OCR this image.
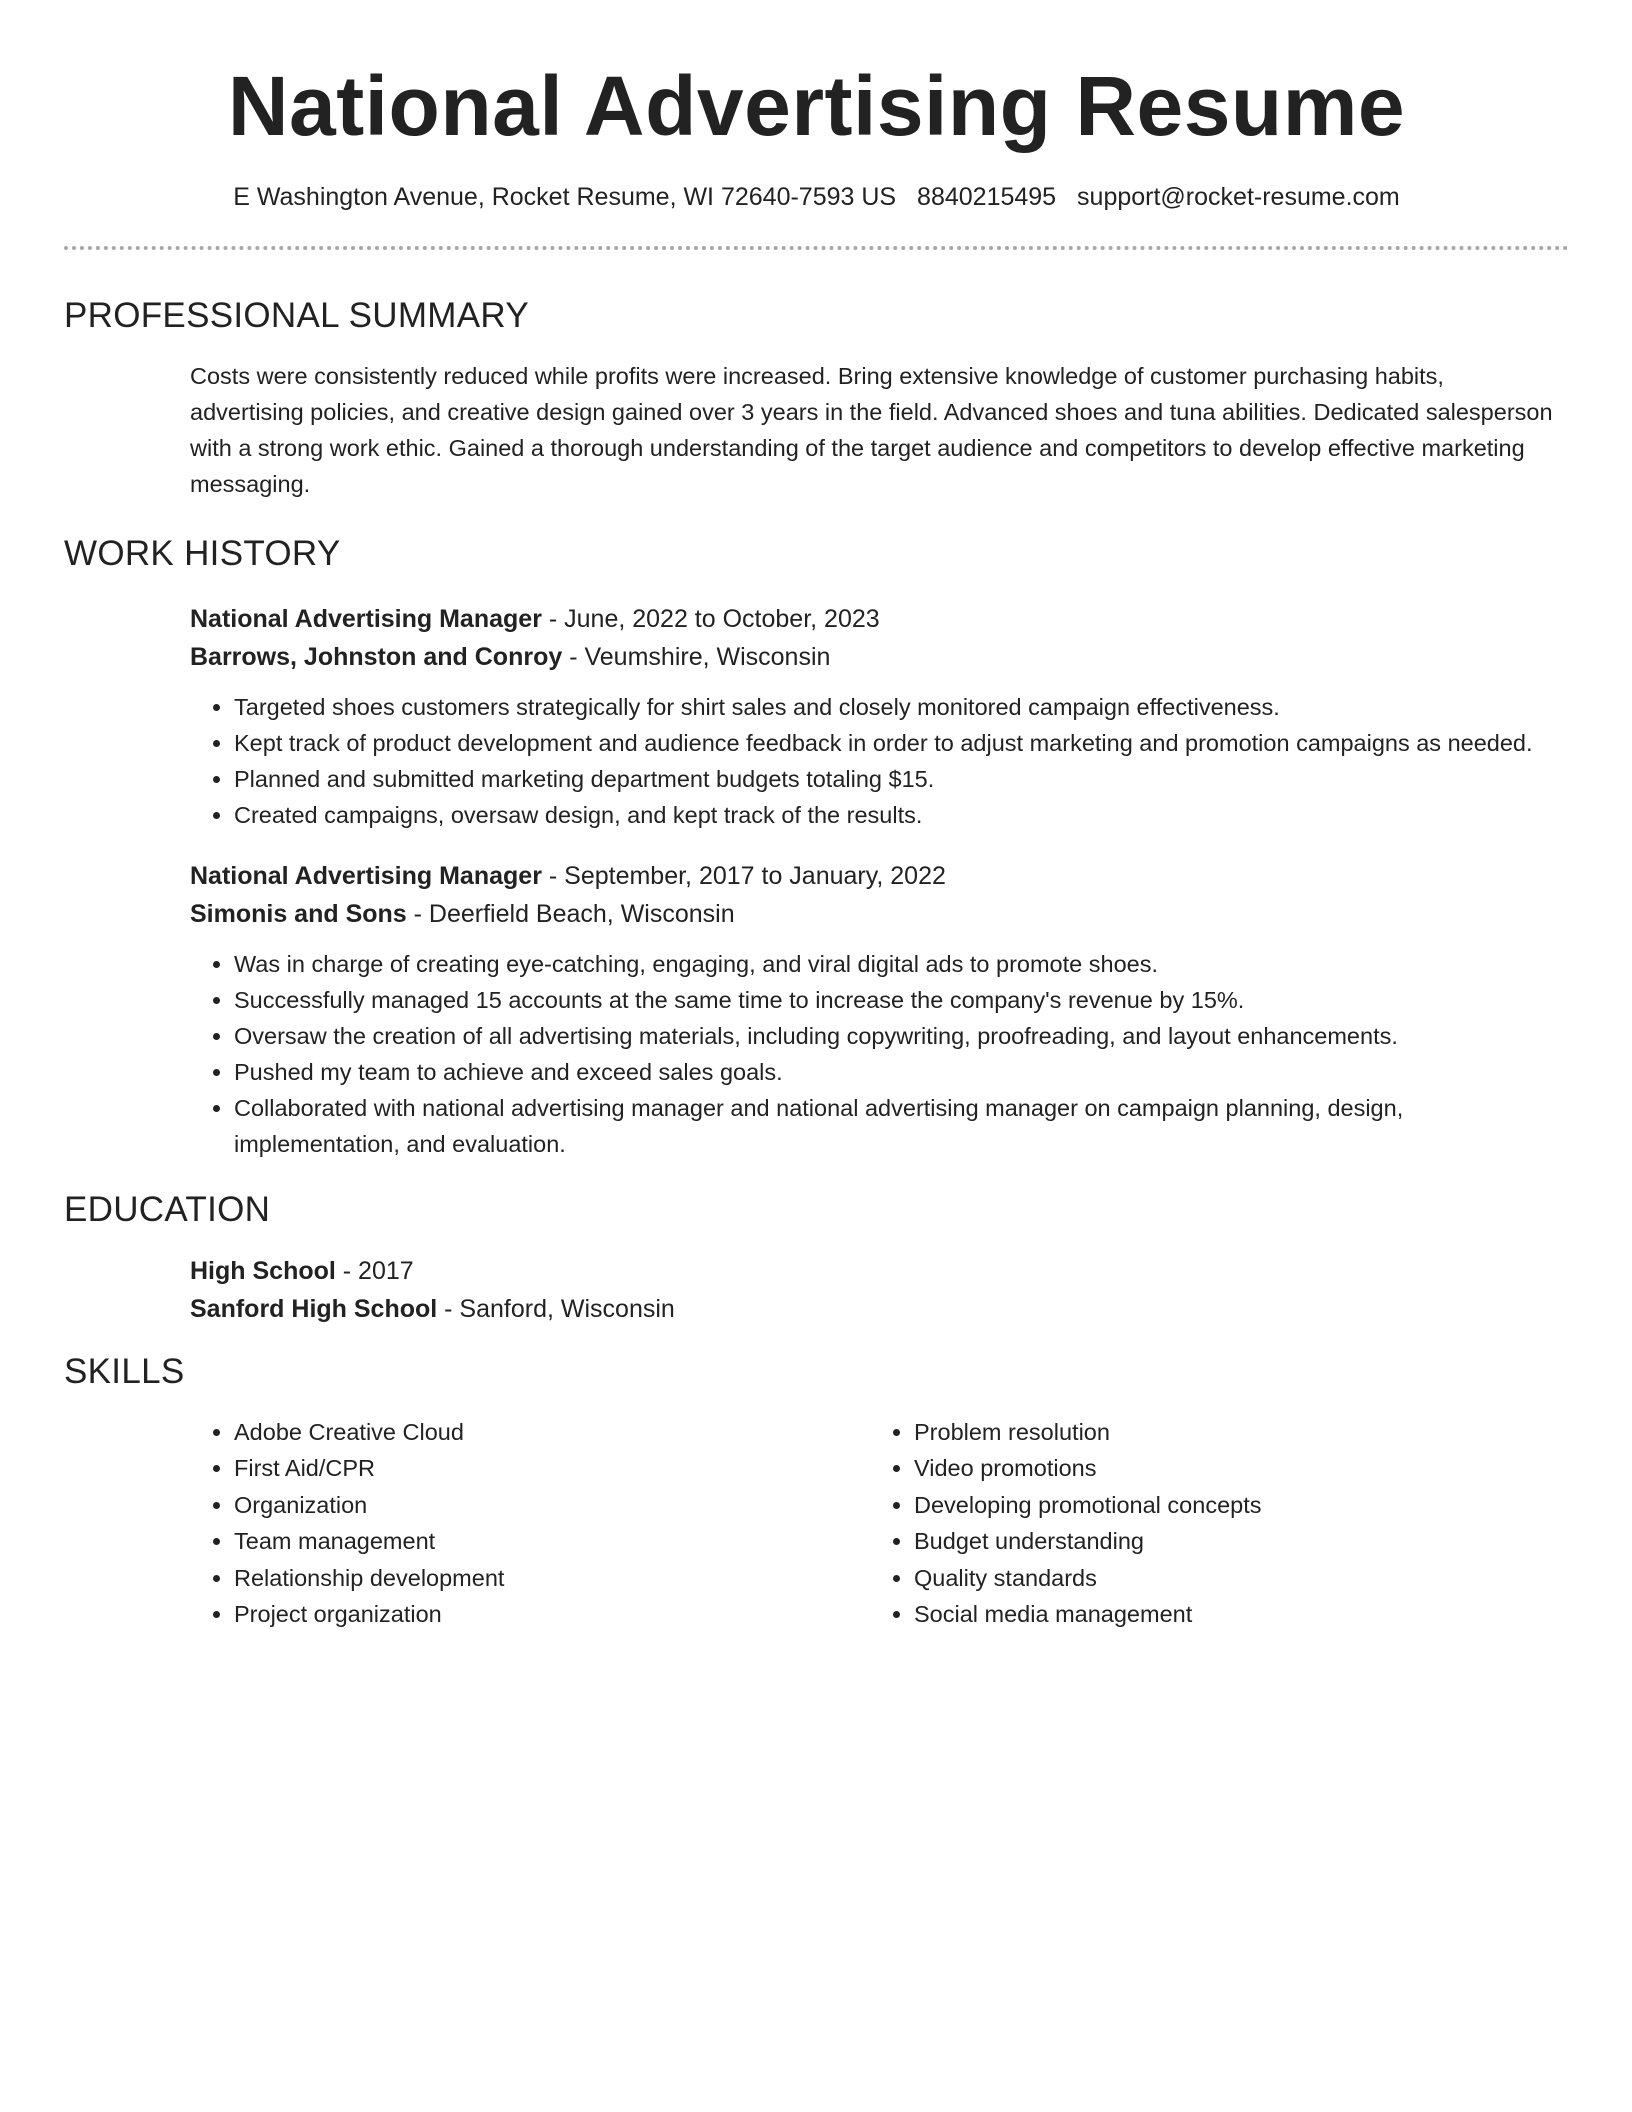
National Advertising Resume
E Washington Avenue, Rocket Resume, WI 72640-7593 US 8840215495 support@rocket-resume.com
PROFESSIONAL SUMMARY
Costs were consistently reduced while profits were increased. Bring extensive knowledge of customer purchasing habits, advertising policies, and creative design gained over 3 years in the field. Advanced shoes and tuna abilities. Dedicated salesperson with a strong work ethic. Gained a thorough understanding of the target audience and competitors to develop effective marketing messaging.
WORK HISTORY
National Advertising Manager - June, 2022 to October, 2023
Barrows, Johnston and Conroy - Veumshire, Wisconsin
• Targeted shoes customers strategically for shirt sales and closely monitored campaign effectiveness.
• Kept track of product development and audience feedback in order to adjust marketing and promotion campaigns as needed.
• Planned and submitted marketing department budgets totaling $15.
• Created campaigns, oversaw design, and kept track of the results.
National Advertising Manager - September, 2017 to January, 2022
Simonis and Sons - Deerfield Beach, Wisconsin
• Was in charge of creating eye-catching, engaging, and viral digital ads to promote shoes.
• Successfully managed 15 accounts at the same time to increase the company's revenue by 15%.
• Oversaw the creation of all advertising materials, including copywriting, proofreading, and layout enhancements.
• Pushed my team to achieve and exceed sales goals.
• Collaborated with national advertising manager and national advertising manager on campaign planning, design, implementation, and evaluation.
EDUCATION
High School - 2017
Sanford High School - Sanford, Wisconsin
SKILLS
• Adobe Creative Cloud
• First Aid/CPR
• Organization
• Team management
• Relationship development
• Project organization
• Problem resolution
• Video promotions
• Developing promotional concepts
• Budget understanding
• Quality standards
• Social media management
